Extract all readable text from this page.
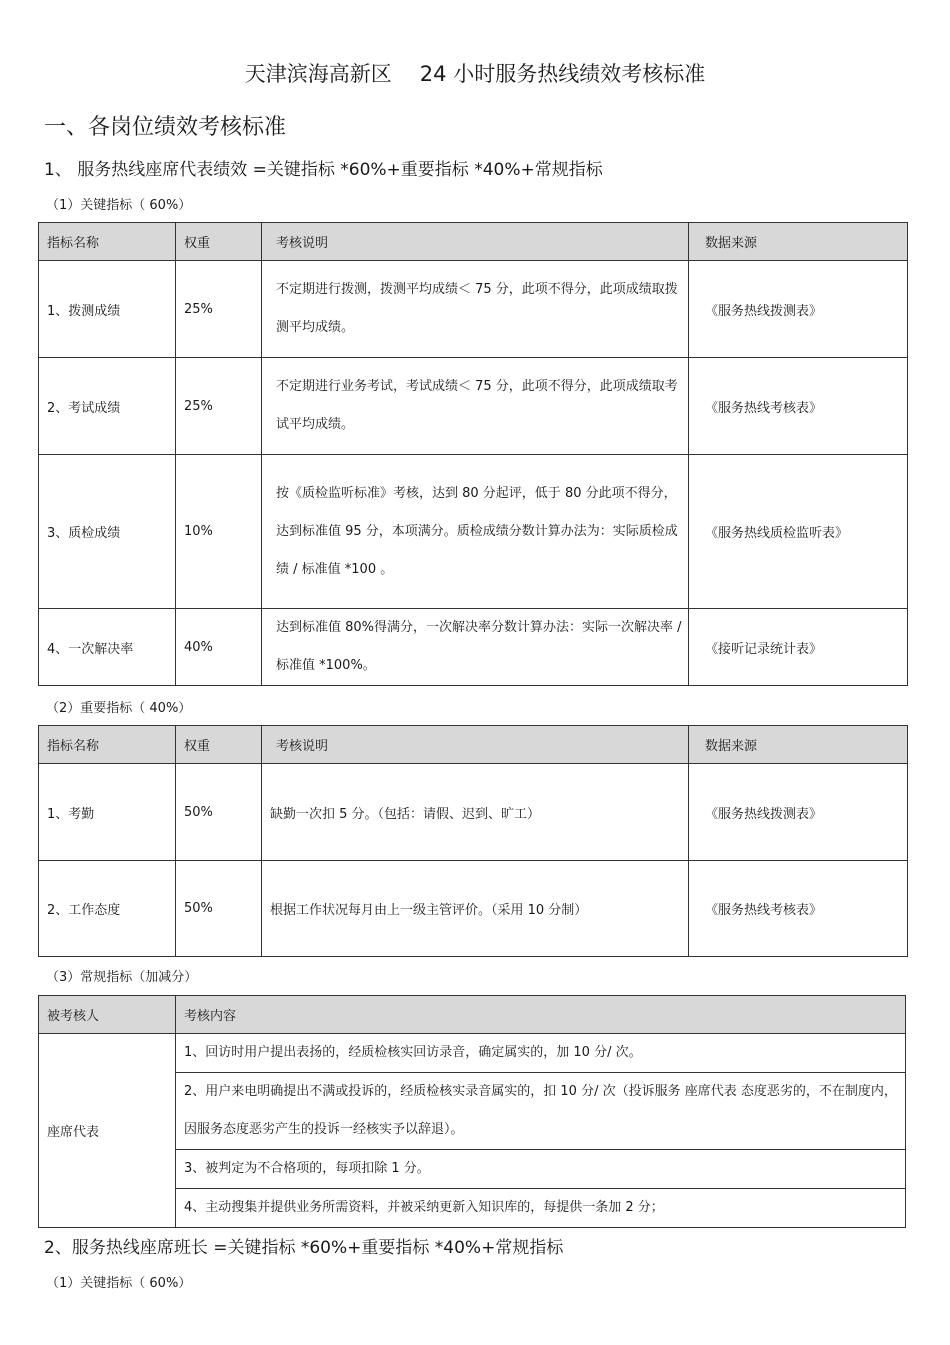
天津滨海高新区 24 小时服务热线绩效考核标准
一、各岗位绩效考核标准
1、 服务热线座席代表绩效 =关键指标 *60%+重要指标 *40%+常规指标
（1）关键指标（ 60%）
指标名称	权重	考核说明	数据来源
1、拨测成绩	25%	不定期进行拨测，拨测平均成绩＜ 75 分，此项不得分，此项成绩取拨测平均成绩。	《服务热线拨测表》
2、考试成绩	25%	不定期进行业务考试，考试成绩＜ 75 分，此项不得分，此项成绩取考试平均成绩。	《服务热线考核表》
3、质检成绩	10%	按《质检监听标准》考核，达到 80 分起评，低于 80 分此项不得分，达到标准值 95 分，本项满分。质检成绩分数计算办法为：实际质检成绩 / 标准值 *100 。	《服务热线质检监听表》
4、一次解决率	40%	达到标准值 80%得满分，一次解决率分数计算办法：实际一次解决率 / 标准值 *100%。	《接听记录统计表》
（2）重要指标（ 40%）
指标名称	权重	考核说明	数据来源
1、考勤	50%	缺勤一次扣 5 分。（包括：请假、迟到、旷工）	《服务热线拨测表》
2、工作态度	50%	根据工作状况每月由上一级主管评价。（采用 10 分制）	《服务热线考核表》
（3）常规指标（加减分）
被考核人	考核内容
座席代表	1、回访时用户提出表扬的，经质检核实回访录音，确定属实的，加 10 分/ 次。
	2、用户来电明确提出不满或投诉的，经质检核实录音属实的，扣 10 分/ 次（投诉服务 座席代表 态度恶劣的，不在制度内，因服务态度恶劣产生的投诉一经核实予以辞退）。
	3、被判定为不合格项的，每项扣除 1 分。
	4、主动搜集并提供业务所需资料，并被采纳更新入知识库的，每提供一条加 2 分；
2、服务热线座席班长 =关键指标 *60%+重要指标 *40%+常规指标
（1）关键指标（ 60%）
